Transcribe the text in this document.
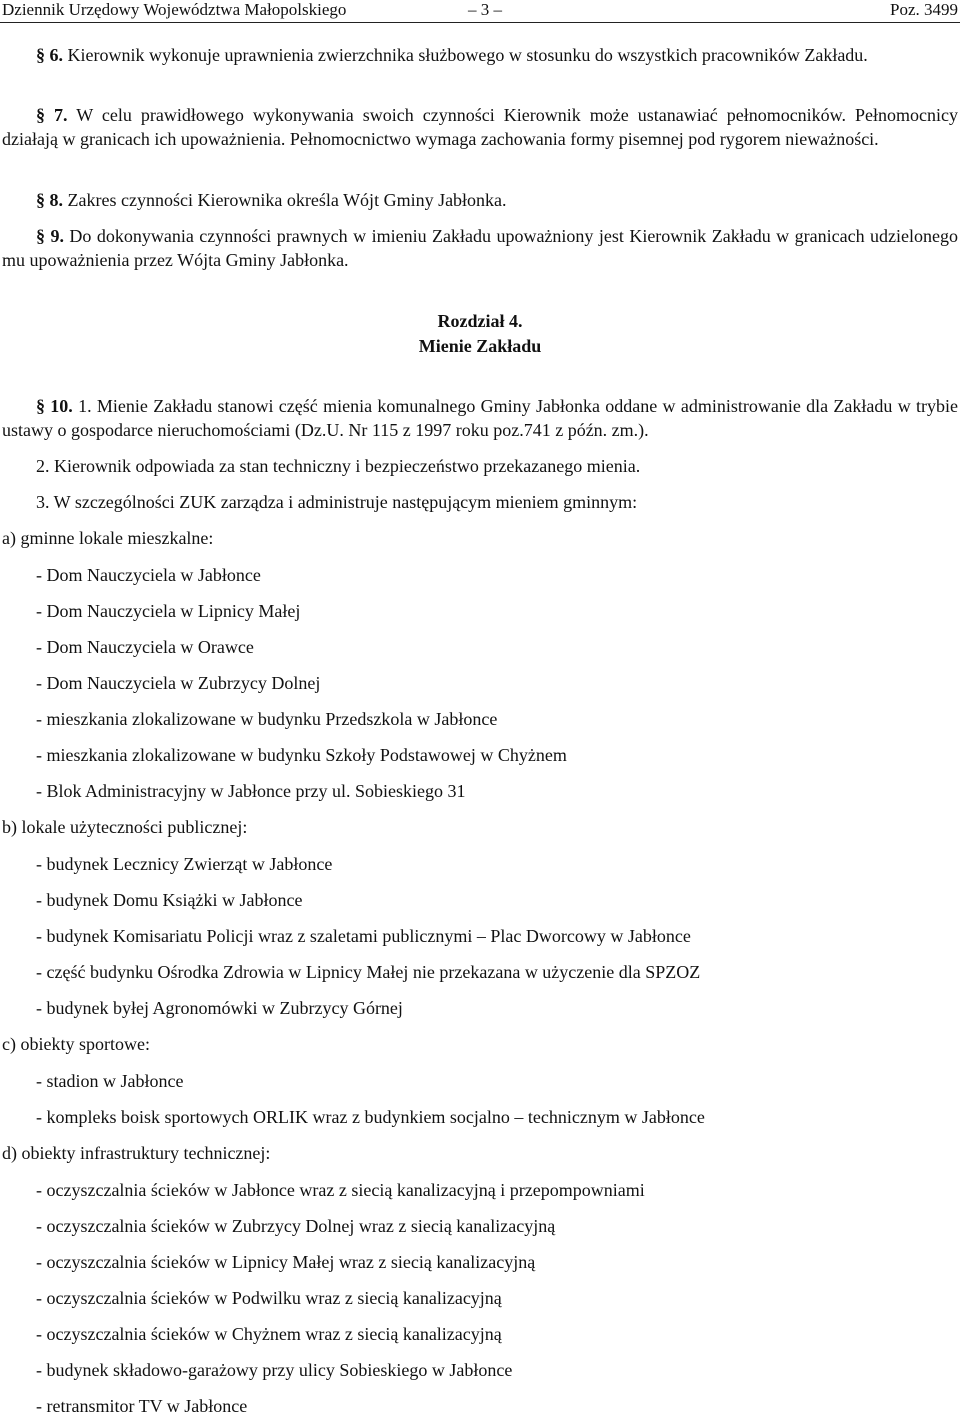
Dziennik Urzędowy Województwa Małopolskiego	– 3 –	Poz. 3499
§ 6. Kierownik wykonuje uprawnienia zwierzchnika służbowego w stosunku do wszystkich pracowników Zakładu.
§ 7. W celu prawidłowego wykonywania swoich czynności Kierownik może ustanawiać pełnomocników. Pełnomocnicy działają w granicach ich upoważnienia. Pełnomocnictwo wymaga zachowania formy pisemnej pod rygorem nieważności.
§ 8. Zakres czynności Kierownika określa Wójt Gminy Jabłonka.
§ 9. Do dokonywania czynności prawnych w imieniu Zakładu upoważniony jest Kierownik Zakładu w granicach udzielonego mu upoważnienia przez Wójta Gminy Jabłonka.
Rozdział 4.
Mienie Zakładu
§ 10. 1. Mienie Zakładu stanowi część mienia komunalnego Gminy Jabłonka oddane w administrowanie dla Zakładu w trybie ustawy o gospodarce nieruchomościami (Dz.U. Nr 115 z 1997 roku poz.741 z późn. zm.).
2. Kierownik odpowiada za stan techniczny i bezpieczeństwo przekazanego mienia.
3. W szczególności ZUK zarządza i administruje następującym mieniem gminnym:
a) gminne lokale mieszkalne:
- Dom Nauczyciela w Jabłonce
- Dom Nauczyciela w Lipnicy Małej
- Dom Nauczyciela w Orawce
- Dom Nauczyciela w Zubrzycy Dolnej
- mieszkania zlokalizowane w budynku Przedszkola w Jabłonce
- mieszkania zlokalizowane w budynku Szkoły Podstawowej w Chyżnem
- Blok Administracyjny w Jabłonce przy ul. Sobieskiego 31
b) lokale użyteczności publicznej:
- budynek Lecznicy Zwierząt w Jabłonce
- budynek Domu Książki w Jabłonce
- budynek Komisariatu Policji wraz z szaletami publicznymi – Plac Dworcowy w Jabłonce
- część budynku Ośrodka Zdrowia w Lipnicy Małej nie przekazana w użyczenie dla SPZOZ
- budynek byłej Agronomówki w Zubrzycy Górnej
c) obiekty sportowe:
- stadion w Jabłonce
- kompleks boisk sportowych ORLIK wraz z budynkiem socjalno – technicznym w Jabłonce
d) obiekty infrastruktury technicznej:
- oczyszczalnia ścieków w Jabłonce wraz z siecią kanalizacyjną i przepompowniami
- oczyszczalnia ścieków w Zubrzycy Dolnej wraz z siecią kanalizacyjną
- oczyszczalnia ścieków w Lipnicy Małej wraz z siecią kanalizacyjną
- oczyszczalnia ścieków w Podwilku wraz z siecią kanalizacyjną
- oczyszczalnia ścieków w Chyżnem wraz z siecią kanalizacyjną
- budynek składowo-garażowy przy ulicy Sobieskiego w Jabłonce
- retransmitor TV w Jabłonce
